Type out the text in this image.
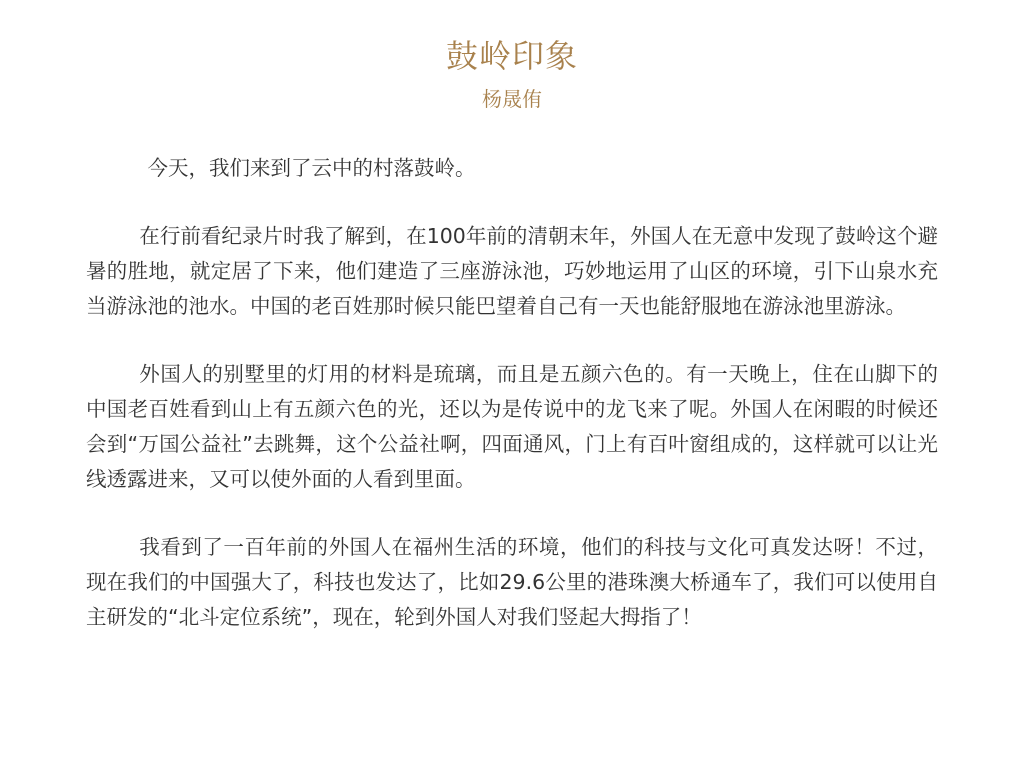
鼓岭印象
杨晟侑

今天，我们来到了云中的村落鼓岭。

在行前看纪录片时我了解到，在100年前的清朝末年，外国人在无意中发现了鼓岭这个避暑的胜地，就定居了下来，他们建造了三座游泳池，巧妙地运用了山区的环境，引下山泉水充当游泳池的池水。中国的老百姓那时候只能巴望着自己有一天也能舒服地在游泳池里游泳。

外国人的别墅里的灯用的材料是琉璃，而且是五颜六色的。有一天晚上，住在山脚下的中国老百姓看到山上有五颜六色的光，还以为是传说中的龙飞来了呢。外国人在闲暇的时候还会到“万国公益社”去跳舞，这个公益社啊，四面通风，门上有百叶窗组成的，这样就可以让光线透露进来，又可以使外面的人看到里面。

我看到了一百年前的外国人在福州生活的环境，他们的科技与文化可真发达呀！不过，现在我们的中国强大了，科技也发达了，比如29.6公里的港珠澳大桥通车了，我们可以使用自主研发的“北斗定位系统”，现在，轮到外国人对我们竖起大拇指了！
